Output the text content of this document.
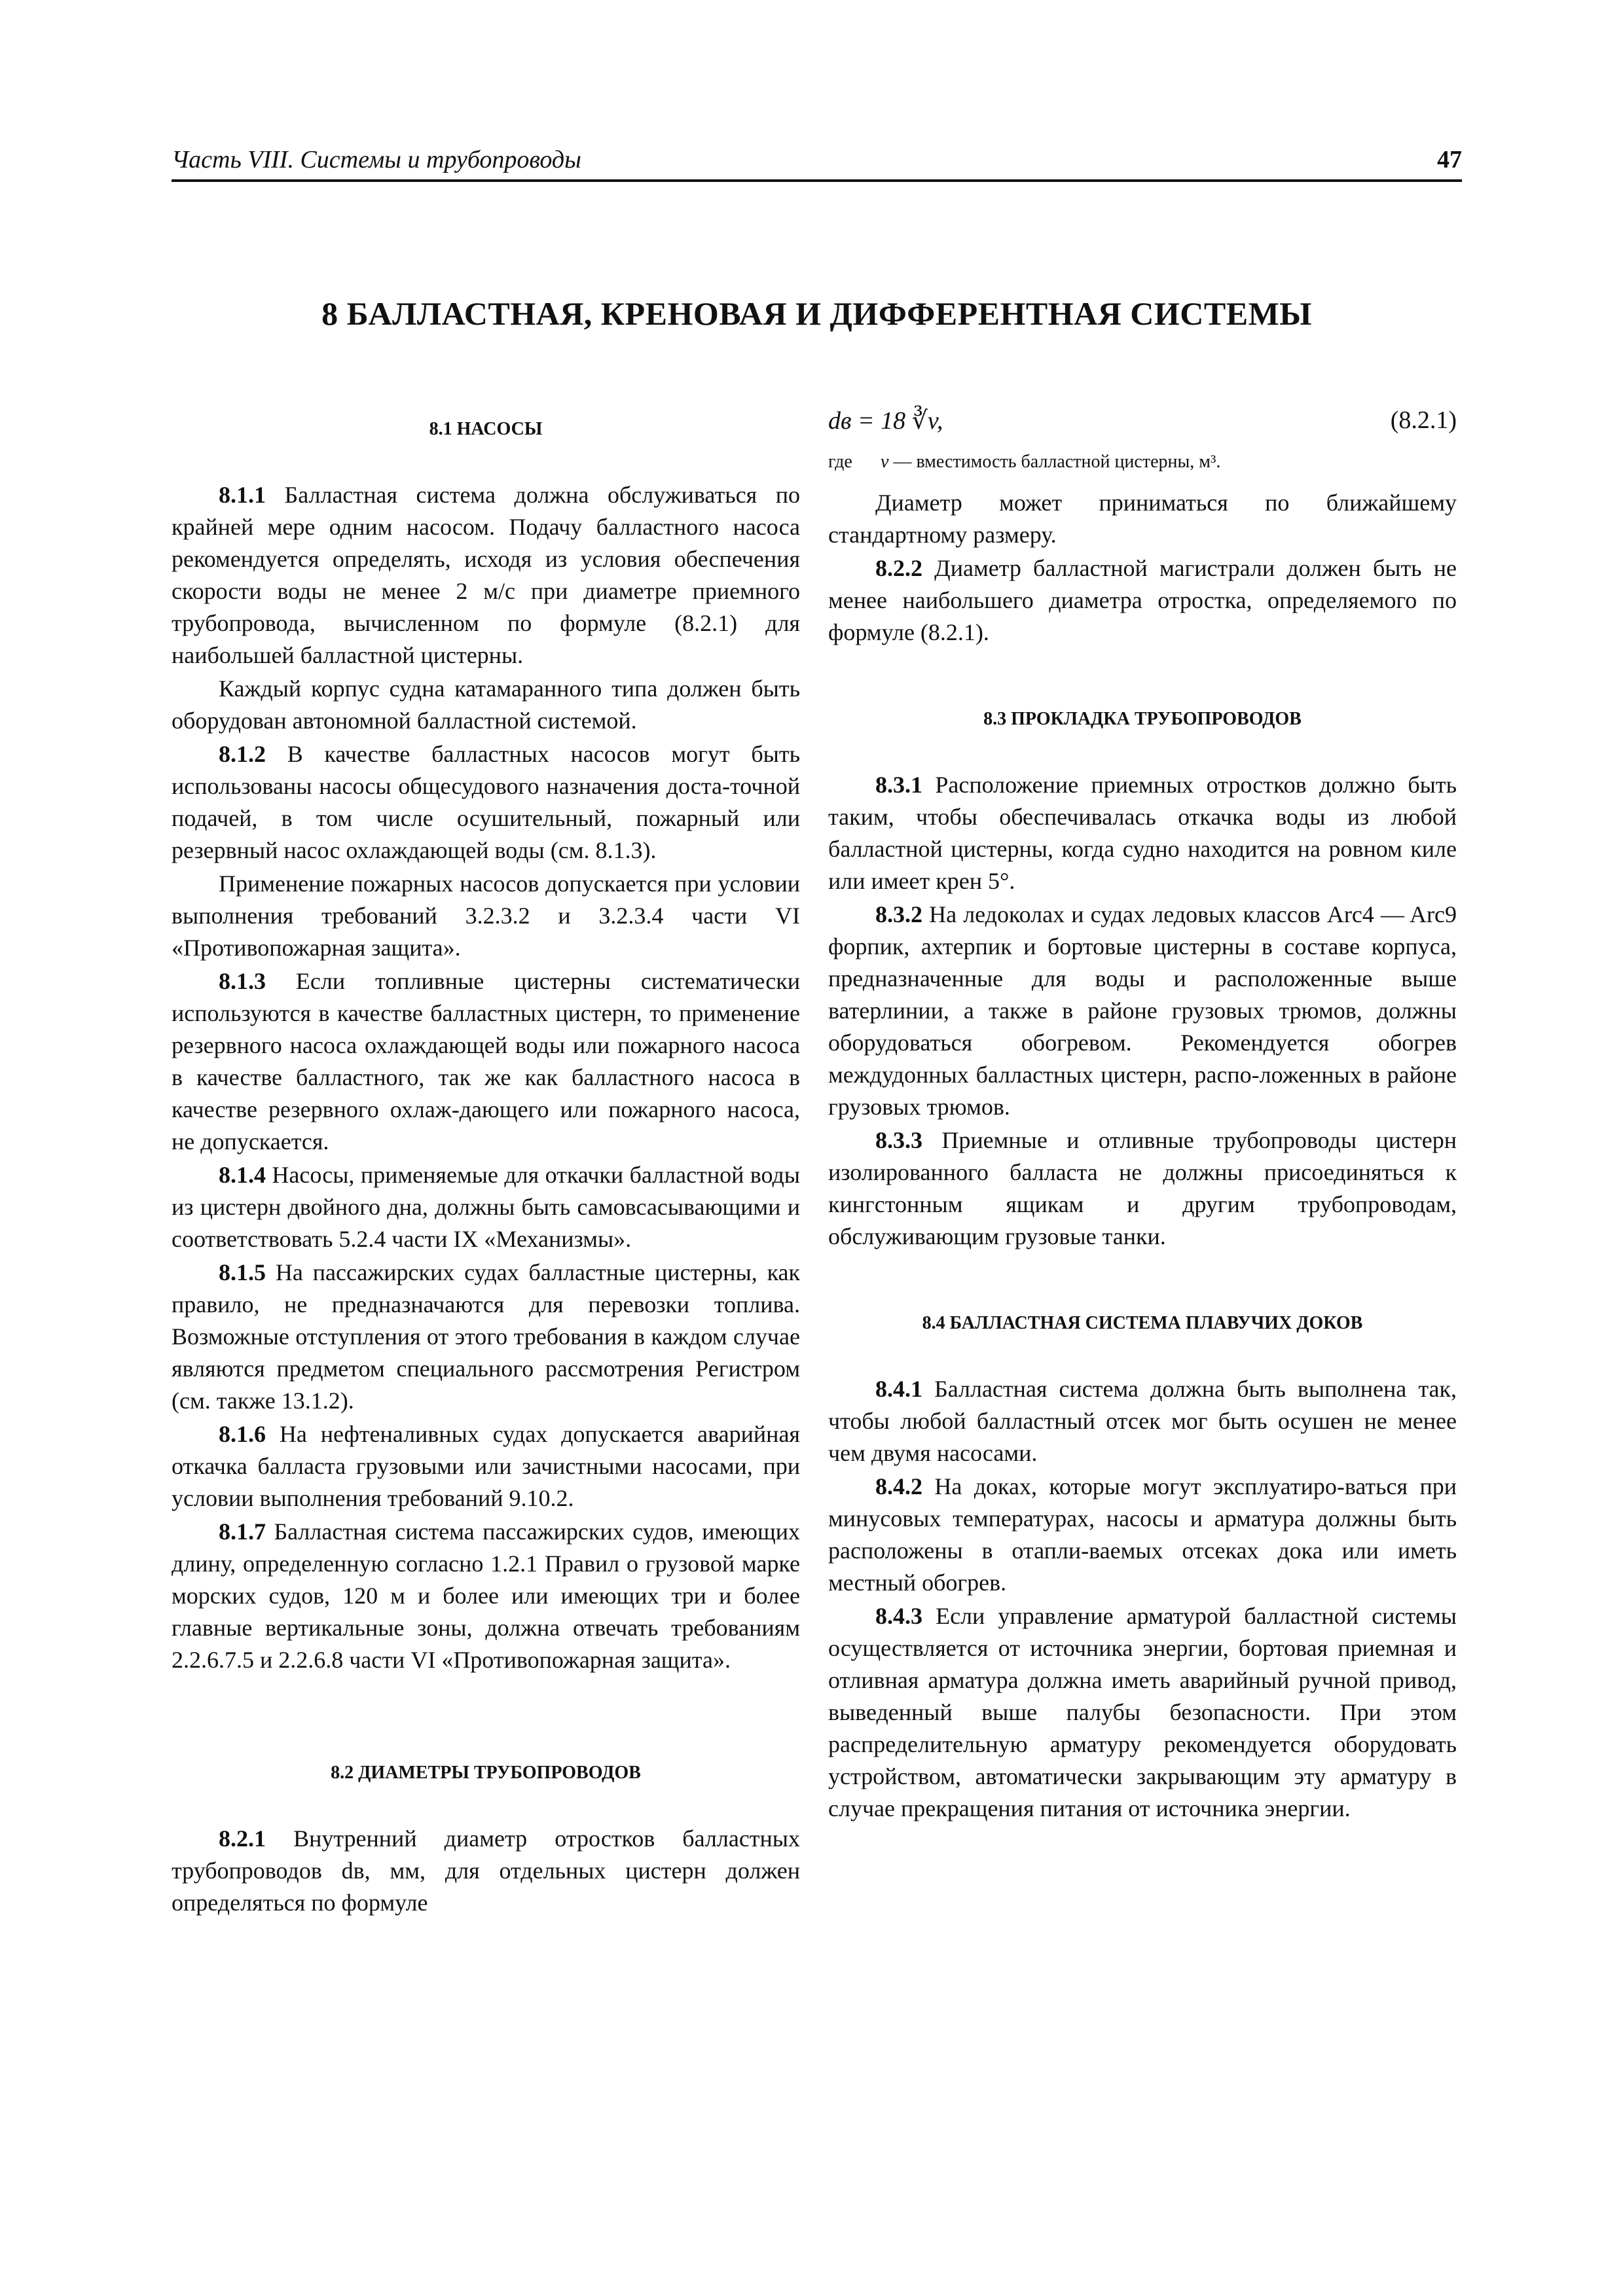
Часть VIII. Системы и трубопроводы	47
8 БАЛЛАСТНАЯ, КРЕНОВАЯ И ДИФФЕРЕНТНАЯ СИСТЕМЫ
8.1 НАСОСЫ

8.1.1 Балластная система должна обслуживаться по крайней мере одним насосом. Подачу балластного насоса рекомендуется определять, исходя из условия обеспечения скорости воды не менее 2 м/с при диаметре приемного трубопровода, вычисленном по формуле (8.2.1) для наибольшей балластной цистерны.

Каждый корпус судна катамаранного типа должен быть оборудован автономной балластной системой.

8.1.2 В качестве балластных насосов могут быть использованы насосы общесудового назначения доста-точной подачей, в том числе осушительный, пожарный или резервный насос охлаждающей воды (см. 8.1.3).

Применение пожарных насосов допускается при условии выполнения требований 3.2.3.2 и 3.2.3.4 части VI «Противопожарная защита».

8.1.3 Если топливные цистерны систематически используются в качестве балластных цистерн, то применение резервного насоса охлаждающей воды или пожарного насоса в качестве балластного, так же как балластного насоса в качестве резервного охлаж-дающего или пожарного насоса, не допускается.

8.1.4 Насосы, применяемые для откачки балластной воды из цистерн двойного дна, должны быть самовсасывающими и соответствовать 5.2.4 части IX «Механизмы».

8.1.5 На пассажирских судах балластные цистерны, как правило, не предназначаются для перевозки топлива. Возможные отступления от этого требования в каждом случае являются предметом специального рассмотрения Регистром (см. также 13.1.2).

8.1.6 На нефтеналивных судах допускается аварийная откачка балласта грузовыми или зачистными насосами, при условии выполнения требований 9.10.2.

8.1.7 Балластная система пассажирских судов, имеющих длину, определенную согласно 1.2.1 Правил о грузовой марке морских судов, 120 м и более или имеющих три и более главные вертикальные зоны, должна отвечать требованиям 2.2.6.7.5 и 2.2.6.8 части VI «Противопожарная защита».

8.2 ДИАМЕТРЫ ТРУБОПРОВОДОВ

8.2.1 Внутренний диаметр отростков балластных трубопроводов dв, мм, для отдельных цистерн должен определяться по формуле

dв = 18 ∛v,	(8.2.1)
где v — вместимость балластной цистерны, м³.

Диаметр может приниматься по ближайшему стандартному размеру.

8.2.2 Диаметр балластной магистрали должен быть не менее наибольшего диаметра отростка, определяемого по формуле (8.2.1).

8.3 ПРОКЛАДКА ТРУБОПРОВОДОВ

8.3.1 Расположение приемных отростков должно быть таким, чтобы обеспечивалась откачка воды из любой балластной цистерны, когда судно находится на ровном киле или имеет крен 5°.

8.3.2 На ледоколах и судах ледовых классов Arc4 — Arc9 форпик, ахтерпик и бортовые цистерны в составе корпуса, предназначенные для воды и расположенные выше ватерлинии, а также в районе грузовых трюмов, должны оборудоваться обогревом. Рекомендуется обогрев междудонных балластных цистерн, распо-ложенных в районе грузовых трюмов.

8.3.3 Приемные и отливные трубопроводы цистерн изолированного балласта не должны присоединяться к кингстонным ящикам и другим трубопроводам, обслуживающим грузовые танки.

8.4 БАЛЛАСТНАЯ СИСТЕМА ПЛАВУЧИХ ДОКОВ

8.4.1 Балластная система должна быть выполнена так, чтобы любой балластный отсек мог быть осушен не менее чем двумя насосами.

8.4.2 На доках, которые могут эксплуатиро-ваться при минусовых температурах, насосы и арматура должны быть расположены в отапли-ваемых отсеках дока или иметь местный обогрев.

8.4.3 Если управление арматурой балластной системы осуществляется от источника энергии, бортовая приемная и отливная арматура должна иметь аварийный ручной привод, выведенный выше палубы безопасности. При этом распределительную арматуру рекомендуется оборудовать устройством, автоматически закрывающим эту арматуру в случае прекращения питания от источника энергии.
